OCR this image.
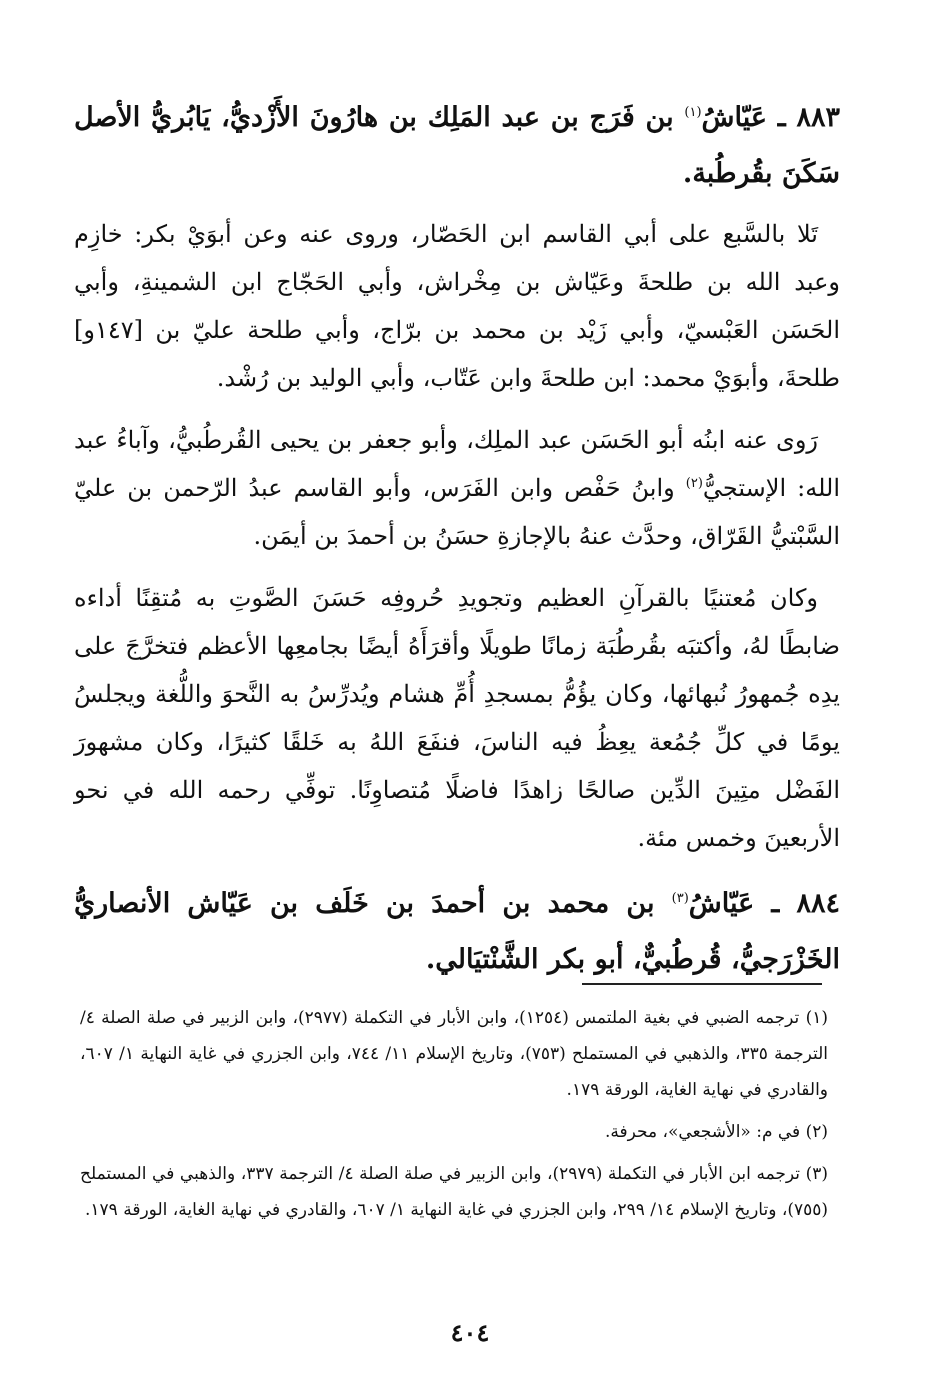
٨٨٣ ـ عَيّاشُ$^{(١)}$ بن فَرَج بن عبد المَلِك بن هارُونَ الأَزْديُّ، يَابُريُّ الأصل سَكَنَ بقُرطُبة.

تَلا بالسَّبع على أبي القاسم ابن الحَصّار، وروى عنه وعن أبوَيْ بكر: خازِم وعبد الله بن طلحةَ وعَيّاش بن مِخْراش، وأبي الحَجّاج ابن الشمينةِ، وأبي الحَسَن العَبْسيّ، وأبي زَيْد بن محمد بن برّاج، وأبي طلحة عليّ بن [١٤٧و] طلحةَ، وأبوَيْ محمد: ابن طلحةَ وابن عَتّاب، وأبي الوليد بن رُشْد.

رَوى عنه ابنُه أبو الحَسَن عبد الملِك، وأبو جعفر بن يحيى القُرطُبيُّ، وآباءُ عبد الله: الإستجيُّ$^{(٢)}$ وابنُ حَفْص وابن الفَرَس، وأبو القاسم عبدُ الرّحمن بن عليّ السَّبْتيُّ القَرّاق، وحدَّث عنهُ بالإجازةِ حسَنُ بن أحمدَ بن أيمَن.

وكان مُعتنيًا بالقرآنِ العظيم وتجويدِ حُروفِه حَسَنَ الصَّوتِ به مُتقِنًا أداءه ضابطًا لهُ، وأكتبَه بقُرطُبَة زمانًا طويلًا وأقرَأَهُ أيضًا بجامعِها الأعظم فتخرَّجَ على يدِه جُمهورُ نُبهائها، وكان يؤُمُّ بمسجدِ أُمِّ هشام ويُدرِّسُ به النَّحوَ واللُّغة ويجلسُ يومًا في كلِّ جُمُعة يعِظُ فيه الناسَ، فنفَعَ اللهُ به خَلقًا كثيرًا، وكان مشهورَ الفَضْل متِينَ الدِّين صالحًا زاهدًا فاضلًا مُتصاوِنًا. توفِّي رحمه الله في نحو الأربعينَ وخمس مئة.

٨٨٤ ـ عَيّاشُ$^{(٣)}$ بن محمد بن أحمدَ بن خَلَف بن عَيّاش الأنصاريُّ الخَزْرَجيُّ، قُرطُبيٌّ، أبو بكر الشَّنْتيَالي.

(١) ترجمه الضبي في بغية الملتمس (١٢٥٤)، وابن الأبار في التكملة (٢٩٧٧)، وابن الزبير في صلة الصلة ٤/ الترجمة ٣٣٥، والذهبي في المستملح (٧٥٣)، وتاريخ الإسلام ١١/ ٧٤٤، وابن الجزري في غاية النهاية ١/ ٦٠٧، والقادري في نهاية الغاية، الورقة ١٧٩.

(٢) في م: «الأشجعي»، محرفة.

(٣) ترجمه ابن الأبار في التكملة (٢٩٧٩)، وابن الزبير في صلة الصلة ٤/ الترجمة ٣٣٧، والذهبي في المستملح (٧٥٥)، وتاريخ الإسلام ١٤/ ٢٩٩، وابن الجزري في غاية النهاية ١/ ٦٠٧، والقادري في نهاية الغاية، الورقة ١٧٩.

٤٠٤
